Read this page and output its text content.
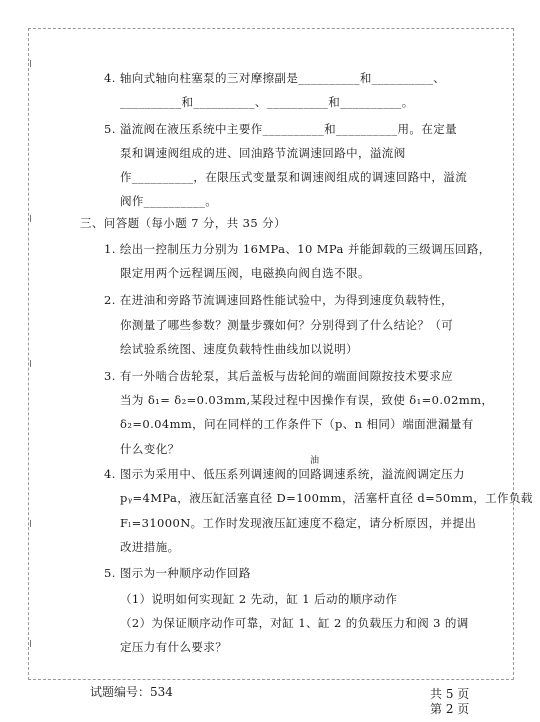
4. 轴向式轴向柱塞泵的三对摩擦副是__________和__________、
__________和__________、__________和__________。
5. 溢流阀在液压系统中主要作__________和__________用。在定量
泵和调速阀组成的进、回油路节流调速回路中，溢流阀
作__________，在限压式变量泵和调速阀组成的调速回路中，溢流
阀作__________。
三、问答题（每小题 7 分，共 35 分）
1. 绘出一控制压力分别为 16MPa、10 MPa 并能卸载的三级调压回路，
限定用两个远程调压阀，电磁换向阀自选不限。
2. 在进油和旁路节流调速回路性能试验中，为得到速度负载特性，
你测量了哪些参数？测量步骤如何？分别得到了什么结论？（可
绘试验系统图、速度负载特性曲线加以说明）
3. 有一外啮合齿轮泵，其后盖板与齿轮间的端面间隙按技术要求应
当为 δ₁= δ₂=0.03mm,某段过程中因操作有误，致使 δ₁=0.02mm，
δ₂=0.04mm，问在同样的工作条件下（p、n 相同）端面泄漏量有
什么变化？
油
4. 图示为采用中、低压系列调速阀的回路调速系统，溢流阀调定压力
pᵧ=4MPa，液压缸活塞直径 D=100mm，活塞杆直径 d=50mm，工作负载
Fₗ=31000N。工作时发现液压缸速度不稳定，请分析原因，并提出
改进措施。
5. 图示为一种顺序动作回路
（1）说明如何实现缸 2 先动，缸 1 后动的顺序动作
（2）为保证顺序动作可靠，对缸 1、缸 2 的负载压力和阀 3 的调
定压力有什么要求？
试题编号：534	共 5 页
第 2 页
